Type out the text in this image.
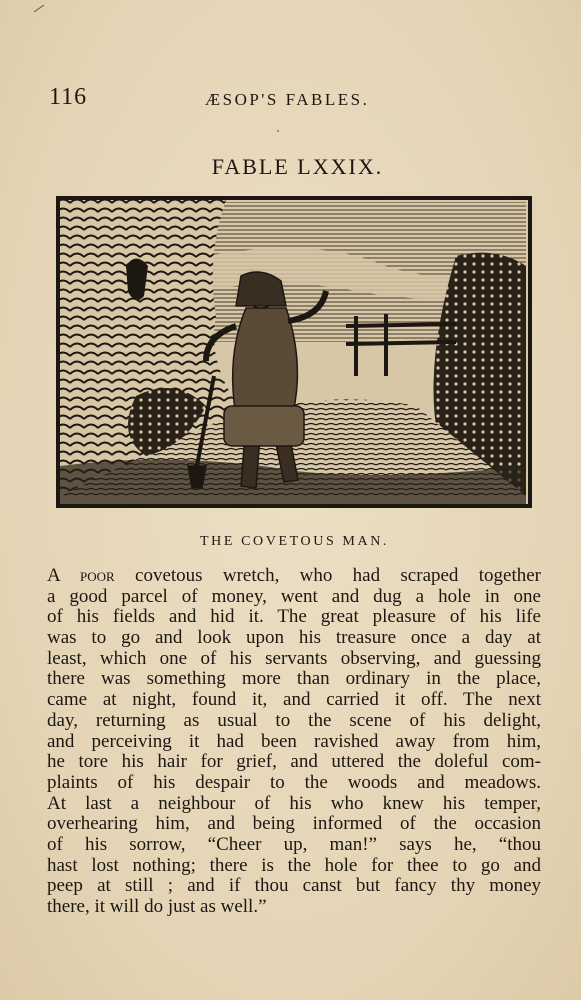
116	ÆSOP'S FABLES.
FABLE LXXIX.
THE COVETOUS MAN.
A poor covetous wretch, who had scraped together
a good parcel of money, went and dug a hole in one
of his fields and hid it. The great pleasure of his life
was to go and look upon his treasure once a day at
least, which one of his servants observing, and guessing
there was something more than ordinary in the place,
came at night, found it, and carried it off. The next
day, returning as usual to the scene of his delight,
and perceiving it had been ravished away from him,
he tore his hair for grief, and uttered the doleful com-
plaints of his despair to the woods and meadows.
At last a neighbour of his who knew his temper,
overhearing him, and being informed of the occasion
of his sorrow, “Cheer up, man!” says he, “thou
hast lost nothing; there is the hole for thee to go and
peep at still ; and if thou canst but fancy thy money
there, it will do just as well.”
